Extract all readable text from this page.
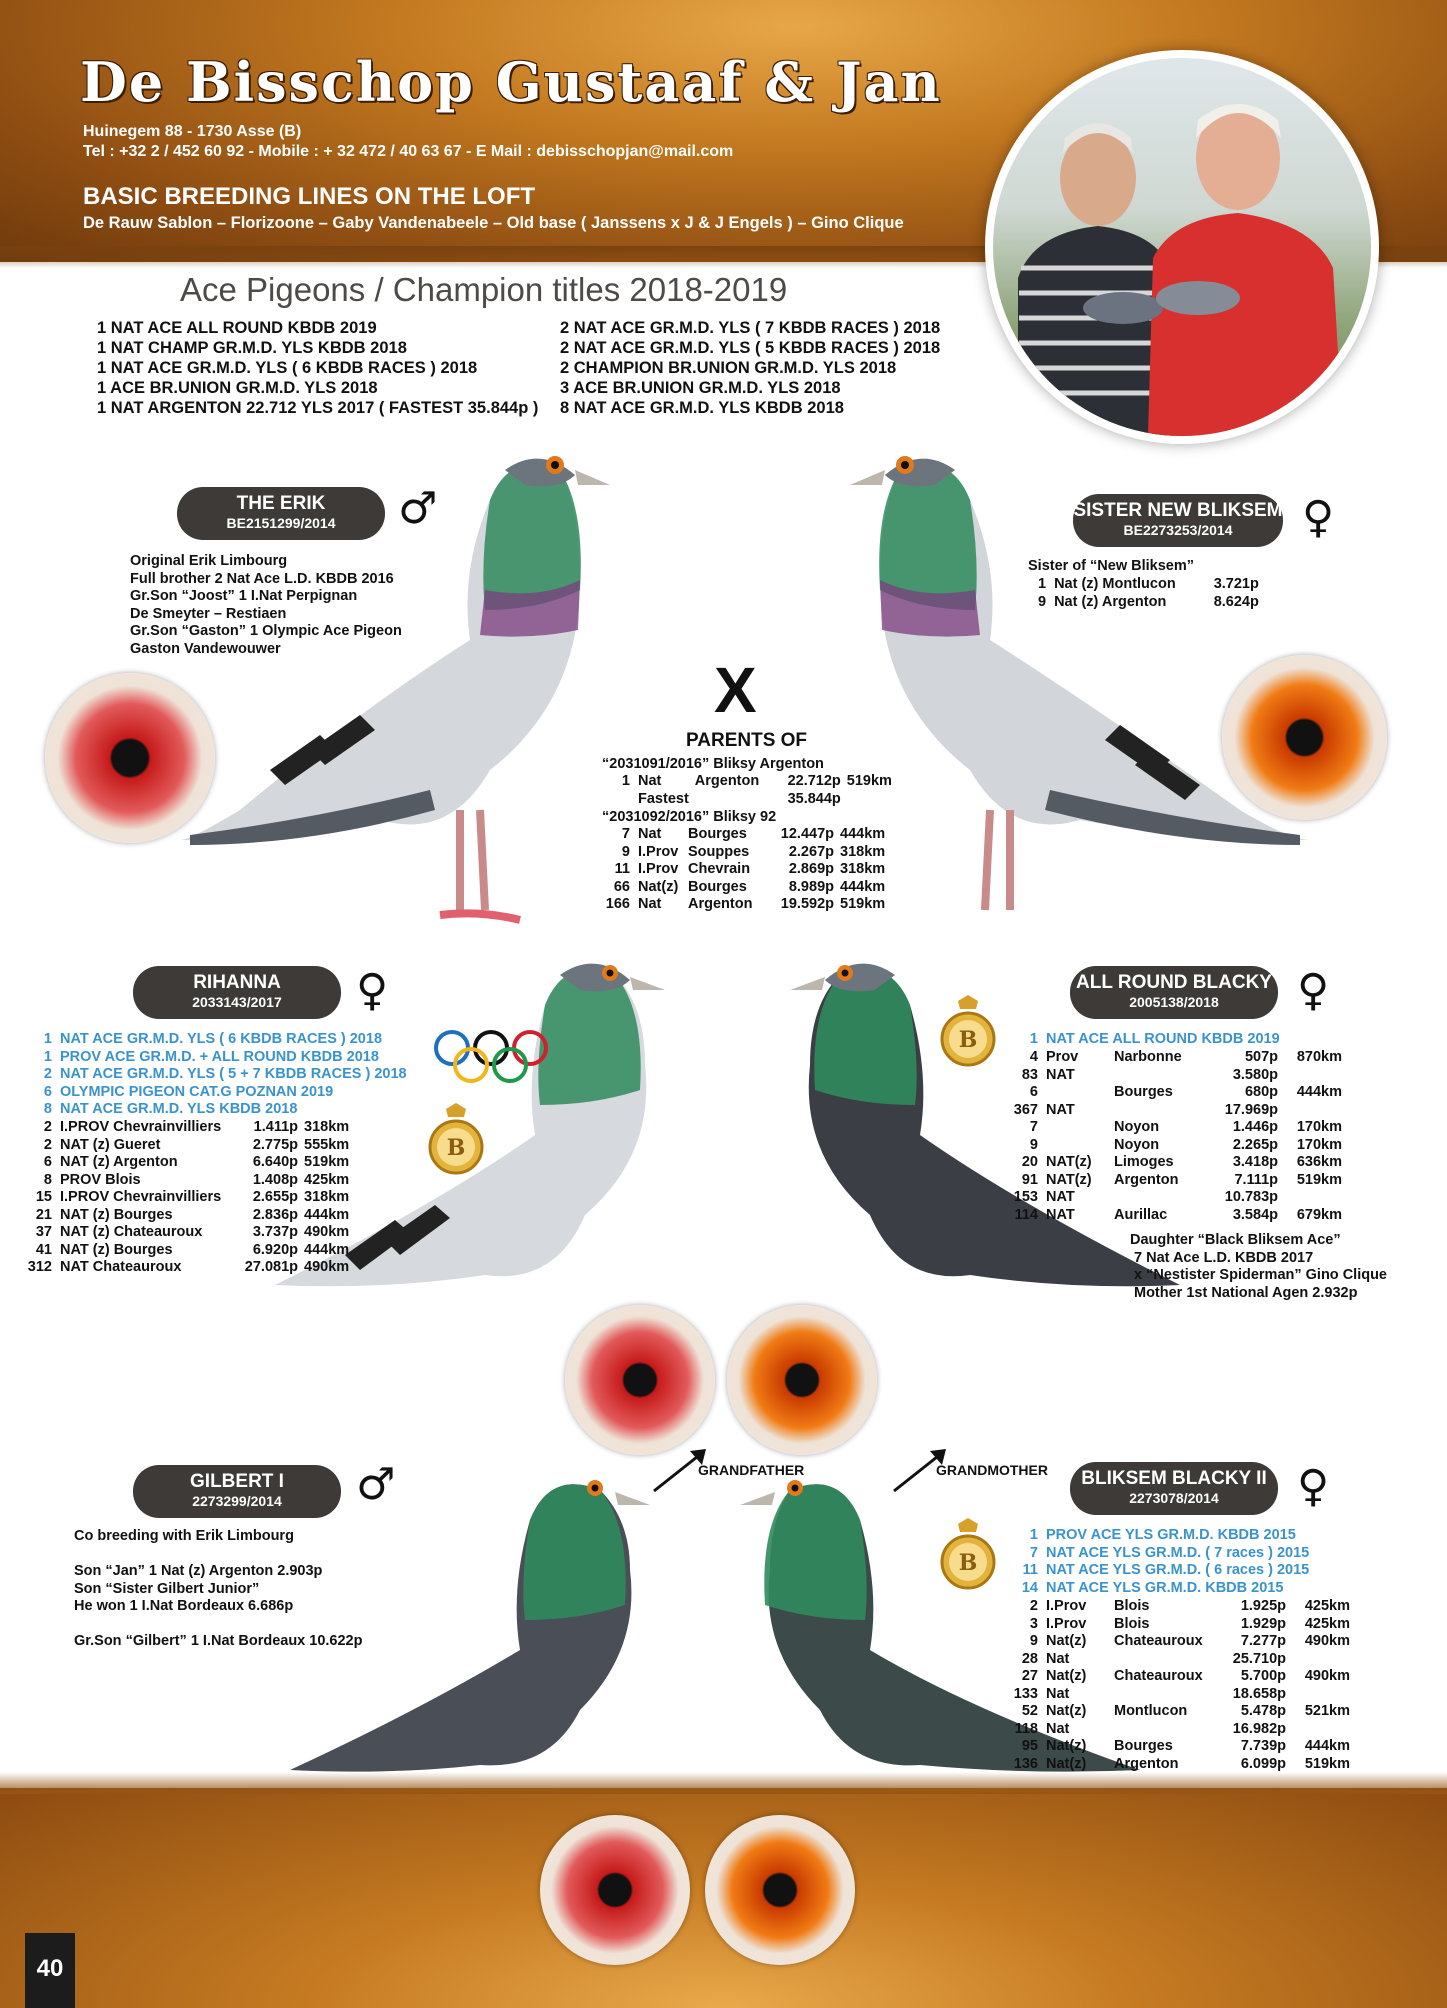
De Bisschop Gustaaf & Jan
Huinegem 88 - 1730 Asse (B)
Tel : +32 2 / 452 60 92 - Mobile : + 32 472 / 40 63 67 - E Mail : debisschopjan@mail.com
BASIC BREEDING LINES ON THE LOFT
De Rauw Sablon – Florizoone – Gaby Vandenabeele – Old base ( Janssens x J & J Engels ) – Gino Clique
Ace Pigeons / Champion titles 2018-2019
1 NAT ACE ALL ROUND KBDB 2019
1 NAT CHAMP GR.M.D. YLS KBDB 2018
1 NAT ACE GR.M.D. YLS ( 6 KBDB RACES ) 2018
1 ACE BR.UNION GR.M.D. YLS 2018
1 NAT ARGENTON 22.712 YLS 2017 ( FASTEST 35.844p )
2 NAT ACE GR.M.D. YLS ( 7 KBDB RACES ) 2018
2 NAT ACE GR.M.D. YLS ( 5 KBDB RACES ) 2018
2 CHAMPION BR.UNION GR.M.D. YLS 2018
3 ACE BR.UNION GR.M.D. YLS 2018
8 NAT ACE GR.M.D. YLS KBDB 2018
THE ERIK
BE2151299/2014	♂
Original Erik Limbourg
Full brother 2 Nat Ace L.D. KBDB 2016
Gr.Son “Joost” 1 I.Nat Perpignan
De Smeyter – Restiaen
Gr.Son “Gaston” 1 Olympic Ace Pigeon
Gaston Vandewouwer
SISTER NEW BLIKSEM
BE2273253/2014	♀
Sister of “New Bliksem”
1	Nat (z) Montlucon	3.721p
9	Nat (z) Argenton	8.624p
X
PARENTS OF
“2031091/2016” Bliksy Argenton
1	Nat	Argenton	22.712p	519km
	Fastest		35.844p	
“2031092/2016” Bliksy 92
7	Nat	Bourges	12.447p	444km
9	I.Prov	Souppes	2.267p	318km
11	I.Prov	Chevrain	2.869p	318km
66	Nat(z)	Bourges	8.989p	444km
166	Nat	Argenton	19.592p	519km
RIHANNA
2033143/2017	♀
1 NAT ACE GR.M.D. YLS ( 6 KBDB RACES ) 2018
1 PROV ACE GR.M.D. + ALL ROUND KBDB 2018
2 NAT ACE GR.M.D. YLS ( 5 + 7 KBDB RACES ) 2018
6 OLYMPIC PIGEON CAT.G POZNAN 2019
8 NAT ACE GR.M.D. YLS KBDB 2018
2	I.PROV Chevrainvilliers	1.411p	318km
2	NAT (z) Gueret	2.775p	555km
6	NAT (z) Argenton	6.640p	519km
8	PROV Blois	1.408p	425km
15	I.PROV Chevrainvilliers	2.655p	318km
21	NAT (z) Bourges	2.836p	444km
37	NAT (z) Chateauroux	3.737p	490km
41	NAT (z) Bourges	6.920p	444km
312	NAT Chateauroux	27.081p	490km
B
B
B
ALL ROUND BLACKY
2005138/2018	♀
1 NAT ACE ALL ROUND KBDB 2019
4	Prov	Narbonne	507p	870km
83	NAT		3.580p	
6		Bourges	680p	444km
367	NAT		17.969p	
7		Noyon	1.446p	170km
9		Noyon	2.265p	170km
20	NAT(z)	Limoges	3.418p	636km
91	NAT(z)	Argenton	7.111p	519km
153	NAT		10.783p	
114	NAT	Aurillac	3.584p	679km
Daughter “Black Bliksem Ace”
7 Nat Ace L.D. KBDB 2017
x “Nestister Spiderman” Gino Clique
Mother 1st National Agen 2.932p
GRANDFATHER	GRANDMOTHER
GILBERT I
2273299/2014	♂
Co breeding with Erik Limbourg
Son “Jan” 1 Nat (z) Argenton 2.903p
Son “Sister Gilbert Junior”
He won 1 I.Nat Bordeaux 6.686p
Gr.Son “Gilbert” 1 I.Nat Bordeaux 10.622p
BLIKSEM BLACKY II
2273078/2014	♀
1 PROV ACE YLS GR.M.D. KBDB 2015
7 NAT ACE YLS GR.M.D. ( 7 races ) 2015
11 NAT ACE YLS GR.M.D. ( 6 races ) 2015
14 NAT ACE YLS GR.M.D. KBDB 2015
2	I.Prov	Blois	1.925p	425km
3	I.Prov	Blois	1.929p	425km
9	Nat(z)	Chateauroux	7.277p	490km
28	Nat		25.710p	
27	Nat(z)	Chateauroux	5.700p	490km
133	Nat		18.658p	
52	Nat(z)	Montlucon	5.478p	521km
118	Nat		16.982p	
95	Nat(z)	Bourges	7.739p	444km
136	Nat(z)	Argenton	6.099p	519km
40
